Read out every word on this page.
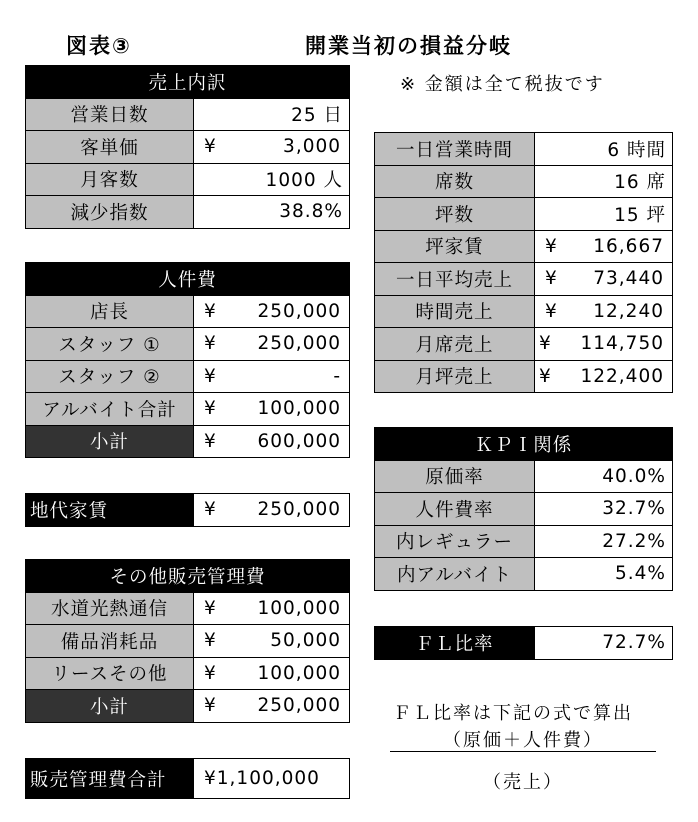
図表③	開業当初の損益分岐
※ 金額は全て税抜です
売上内訳	
営業日数	25 日
客単価	¥ 3,000

月客数	1000 人
減少指数	38.8%
人件費	
店長	¥ 250,000

スタッフ ①	¥ 250,000

スタッフ ②	¥ -

アルバイト合計	¥ 100,000

小計	¥ 600,000
地代家賃	¥ 250,000
その他販売管理費	
水道光熱通信	¥ 100,000

備品消耗品	¥ 50,000

リースその他	¥ 100,000

小計	¥ 250,000
販売管理費合計	¥1,100,000
一日営業時間	6 時間
席数	16 席
坪数	15 坪
坪家賃	¥ 16,667

一日平均売上	¥ 73,440

時間売上	¥ 12,240

月席売上	¥ 114,750

月坪売上	¥ 122,400
ＫＰＩ関係	
原価率	40.0%
人件費率	32.7%
内レギュラー	27.2%
内アルバイト	5.4%
ＦＬ比率	72.7%
ＦＬ比率は下記の式で算出
（原価＋人件費）
（売上）
